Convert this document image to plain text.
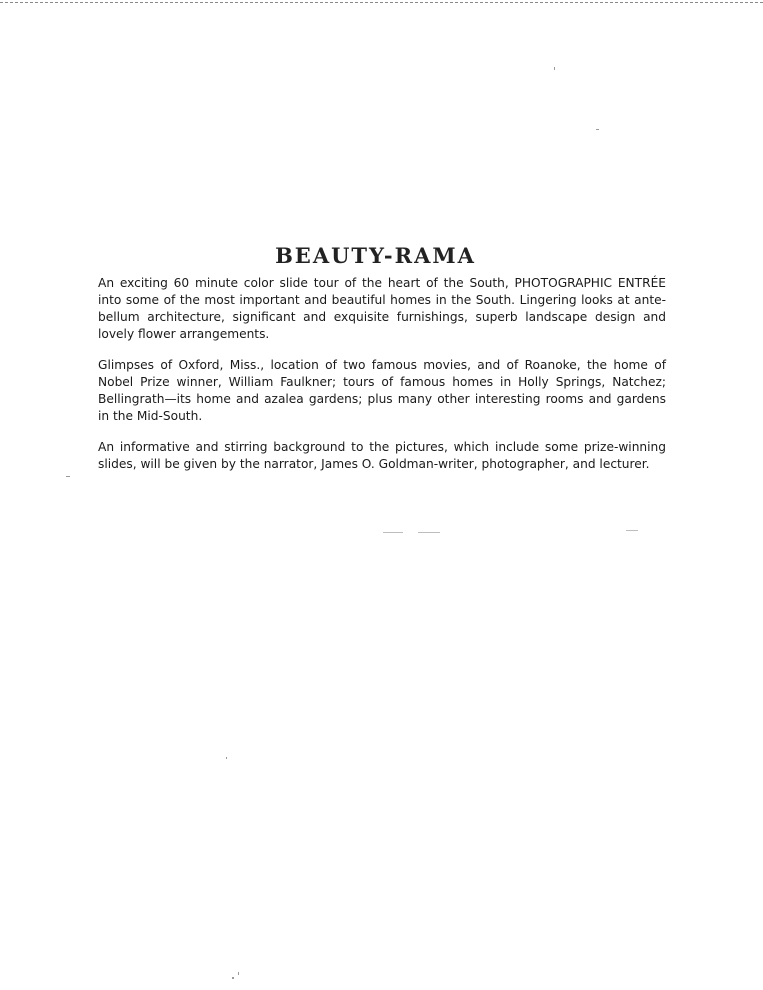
BEAUTY-RAMA

An exciting 60 minute color slide tour of the heart of the South, PHOTOGRAPHIC ENTRÉE into some of the most important and beautiful homes in the South. Lingering looks at ante-bellum architecture, significant and exquisite furnishings, superb landscape design and lovely flower arrangements.

Glimpses of Oxford, Miss., location of two famous movies, and of Roanoke, the home of Nobel Prize winner, William Faulkner; tours of famous homes in Holly Springs, Natchez; Bellingrath—its home and azalea gardens; plus many other interesting rooms and gardens in the Mid-South.

An informative and stirring background to the pictures, which include some prize-winning slides, will be given by the narrator, James O. Goldman-writer, photographer, and lecturer.
